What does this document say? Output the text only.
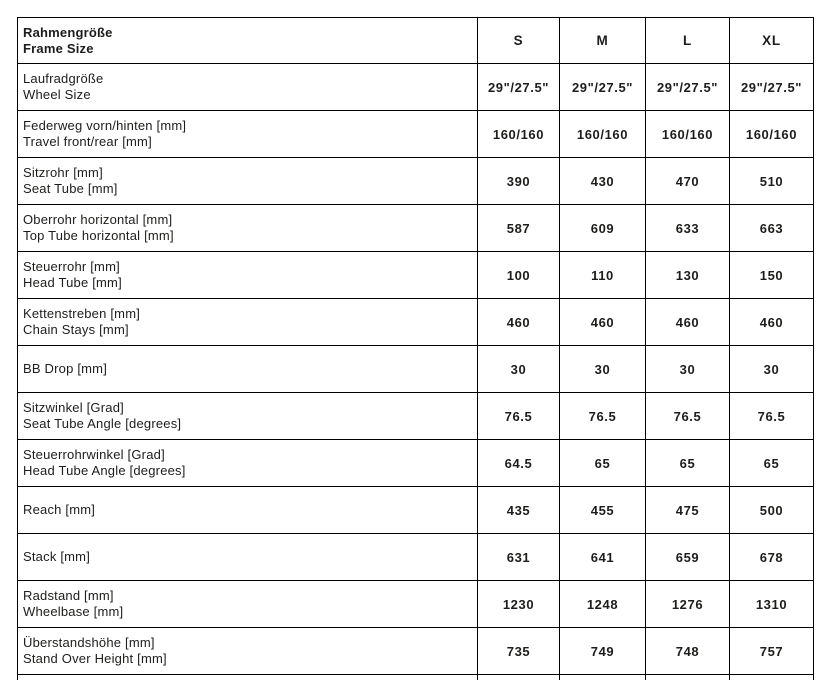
Rahmengröße
Frame Size	S	M	L	XL

Laufradgröße
Wheel Size	29"/27.5"	29"/27.5"	29"/27.5"	29"/27.5"

Federweg vorn/hinten [mm]
Travel front/rear [mm]	160/160	160/160	160/160	160/160

Sitzrohr [mm]
Seat Tube [mm]	390	430	470	510

Oberrohr horizontal [mm]
Top Tube horizontal [mm]	587	609	633	663

Steuerrohr [mm]
Head Tube [mm]	100	110	130	150

Kettenstreben [mm]
Chain Stays [mm]	460	460	460	460

BB Drop [mm]	30	30	30	30

Sitzwinkel [Grad]
Seat Tube Angle [degrees]	76.5	76.5	76.5	76.5

Steuerrohrwinkel [Grad]
Head Tube Angle [degrees]	64.5	65	65	65

Reach [mm]	435	455	475	500

Stack [mm]	631	641	659	678

Radstand [mm]
Wheelbase [mm]	1230	1248	1276	1310

Überstandshöhe [mm]
Stand Over Height [mm]	735	749	748	757
